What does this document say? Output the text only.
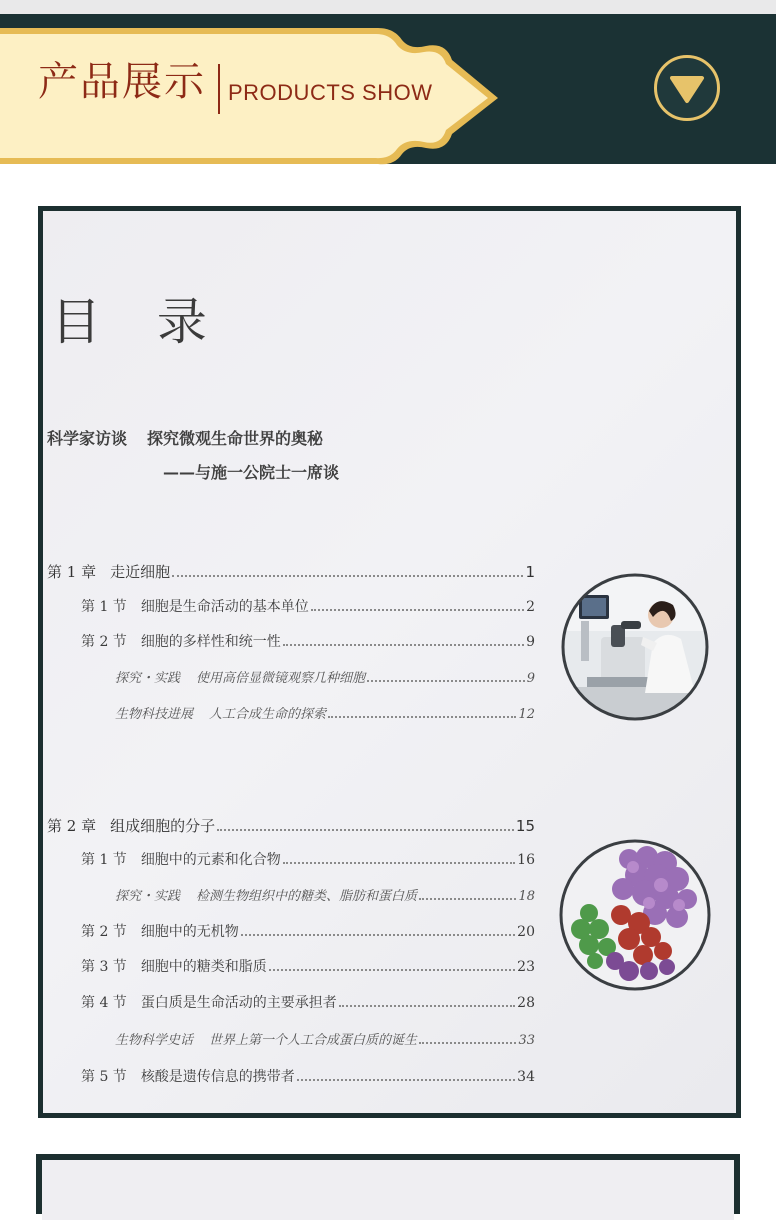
产品展示 PRODUCTS SHOW
目 录
科学家访谈 探究微观生命世界的奥秘
——与施一公院士一席谈
第 1 章 走近细胞	1
第 1 节 细胞是生命活动的基本单位	2
第 2 节 细胞的多样性和统一性	9
探究・实践 使用高倍显微镜观察几种细胞	9
生物科技进展 人工合成生命的探索	12
第 2 章 组成细胞的分子	15
第 1 节 细胞中的元素和化合物	16
探究・实践 检测生物组织中的糖类、脂肪和蛋白质	18
第 2 节 细胞中的无机物	20
第 3 节 细胞中的糖类和脂质	23
第 4 节 蛋白质是生命活动的主要承担者	28
生物科学史话 世界上第一个人工合成蛋白质的诞生	33
第 5 节 核酸是遗传信息的携带者	34
